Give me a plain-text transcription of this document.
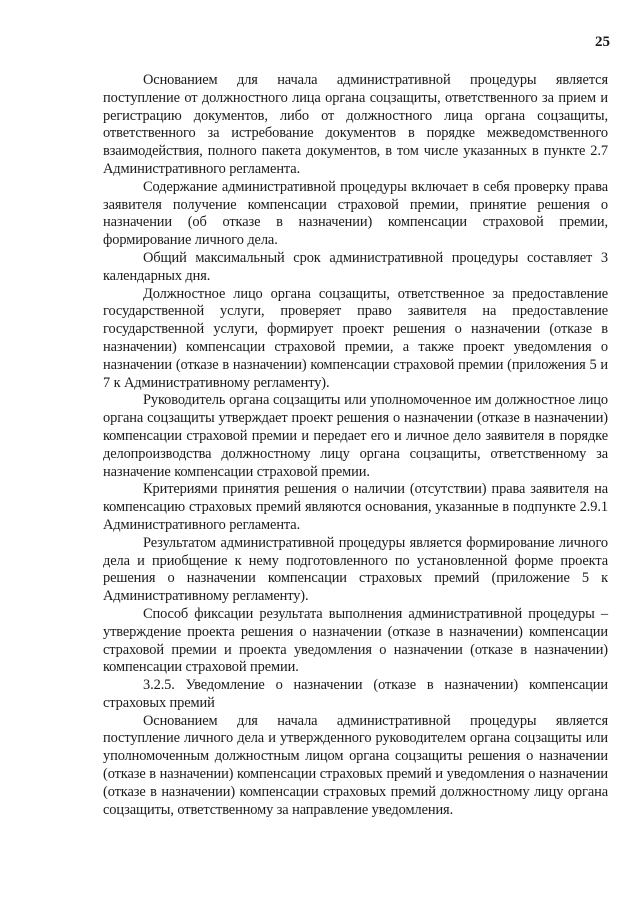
25

Основанием для начала административной процедуры является поступление от должностного лица органа соцзащиты, ответственного за прием и регистрацию документов, либо от должностного лица органа соцзащиты, ответственного за истребование документов в порядке межведомственного взаимодействия, полного пакета документов, в том числе указанных в пункте 2.7 Административного регламента.

Содержание административной процедуры включает в себя проверку права заявителя получение компенсации страховой премии, принятие решения о назначении (об отказе в назначении) компенсации страховой премии, формирование личного дела.

Общий максимальный срок административной процедуры составляет 3 календарных дня.

Должностное лицо органа соцзащиты, ответственное за предоставление государственной услуги, проверяет право заявителя на предоставление государственной услуги, формирует проект решения о назначении (отказе в назначении) компенсации страховой премии, а также проект уведомления о назначении (отказе в назначении) компенсации страховой премии (приложения 5 и 7 к Административному регламенту).

Руководитель органа соцзащиты или уполномоченное им должностное лицо органа соцзащиты утверждает проект решения о назначении (отказе в назначении) компенсации страховой премии и передает его и личное дело заявителя в порядке делопроизводства должностному лицу органа соцзащиты, ответственному за назначение компенсации страховой премии.

Критериями принятия решения о наличии (отсутствии) права заявителя на компенсацию страховых премий являются основания, указанные в подпункте 2.9.1 Административного регламента.

Результатом административной процедуры является формирование личного дела и приобщение к нему подготовленного по установленной форме проекта решения о назначении компенсации страховых премий (приложение 5 к Административному регламенту).

Способ фиксации результата выполнения административной процедуры – утверждение проекта решения о назначении (отказе в назначении) компенсации страховой премии и проекта уведомления о назначении (отказе в назначении) компенсации страховой премии.

3.2.5. Уведомление о назначении (отказе в назначении) компенсации страховых премий

Основанием для начала административной процедуры является поступление личного дела и утвержденного руководителем органа соцзащиты или уполномоченным должностным лицом органа соцзащиты решения о назначении (отказе в назначении) компенсации страховых премий и уведомления о назначении (отказе в назначении) компенсации страховых премий должностному лицу органа соцзащиты, ответственному за направление уведомления.
